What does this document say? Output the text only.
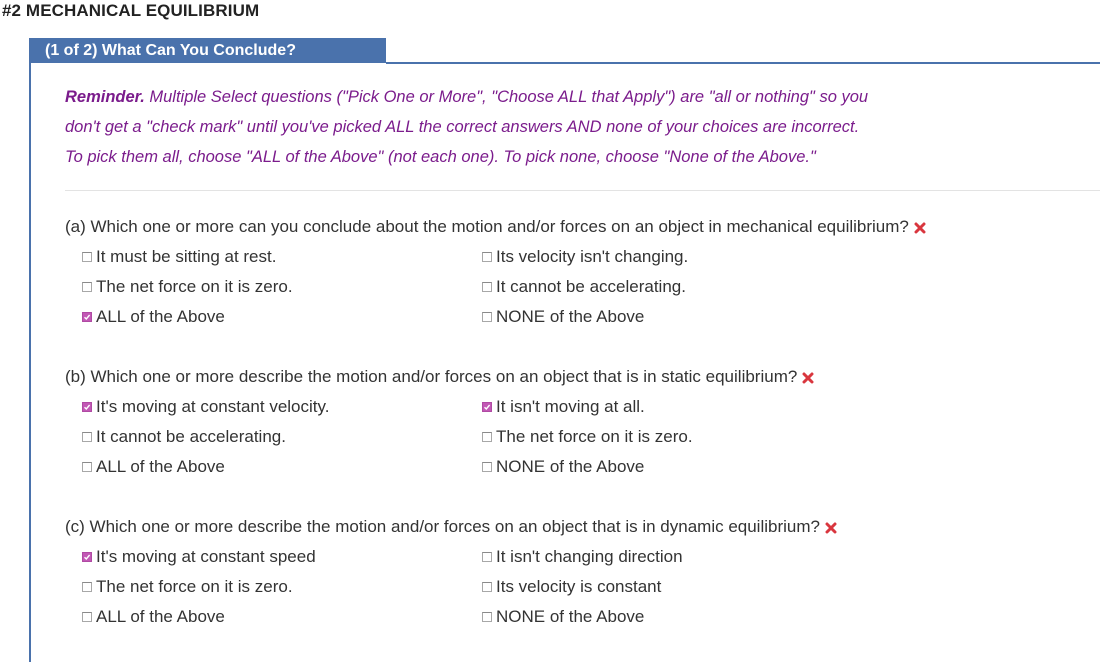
#2 MECHANICAL EQUILIBRIUM
(1 of 2) What Can You Conclude?
Reminder. Multiple Select questions ("Pick One or More", "Choose ALL that Apply") are "all or nothing" so you
don't get a "check mark" until you've picked ALL the correct answers AND none of your choices are incorrect.
To pick them all, choose "ALL of the Above" (not each one). To pick none, choose "None of the Above."
(a) Which one or more can you conclude about the motion and/or forces on an object in mechanical equilibrium?
It must be sitting at rest.	Its velocity isn't changing.
The net force on it is zero.	It cannot be accelerating.
ALL of the Above	NONE of the Above
(b) Which one or more describe the motion and/or forces on an object that is in static equilibrium?
It's moving at constant velocity.	It isn't moving at all.
It cannot be accelerating.	The net force on it is zero.
ALL of the Above	NONE of the Above
(c) Which one or more describe the motion and/or forces on an object that is in dynamic equilibrium?
It's moving at constant speed	It isn't changing direction
The net force on it is zero.	Its velocity is constant
ALL of the Above	NONE of the Above
